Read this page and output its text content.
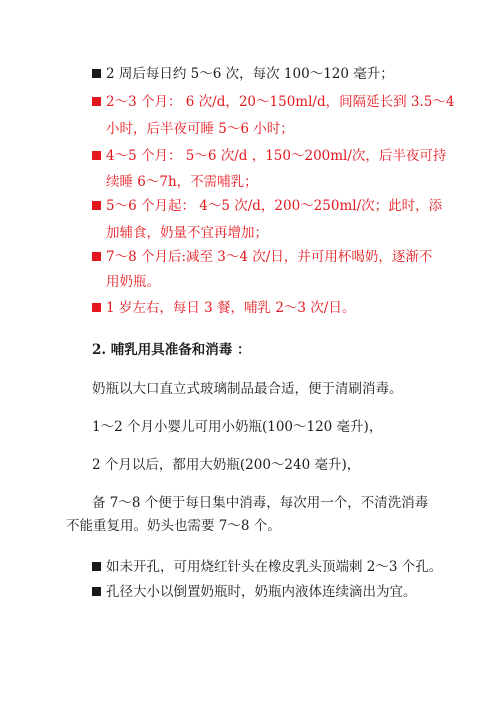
2 周后每日约 5～6 次，每次 100～120 毫升；
2～3 个月： 6 次/d，20～150ml/d，间隔延长到 3.5～4
小时，后半夜可睡 5～6 小时；
4～5 个月： 5～6 次/d ，150～200ml/次，后半夜可持
续睡 6～7h，不需哺乳；
5～6 个月起： 4～5 次/d，200～250ml/次；此时，添
加辅食，奶量不宜再增加；
7～8 个月后:减至 3～4 次/日，并可用杯喝奶，逐渐不
用奶瓶。
1 岁左右，每日 3 餐，哺乳 2～3 次/日。
2. 哺乳用具准备和消毒 ：
奶瓶以大口直立式玻璃制品最合适，便于清刷消毒。
1～2 个月小婴儿可用小奶瓶(100～120 毫升)，
2 个月以后，都用大奶瓶(200～240 毫升)，
备 7～8 个便于每日集中消毒，每次用一个，不清洗消毒
不能重复用。奶头也需要 7～8 个。
如未开孔，可用烧红针头在橡皮乳头顶端刺 2～3 个孔。
孔径大小以倒置奶瓶时，奶瓶内液体连续滴出为宜。
